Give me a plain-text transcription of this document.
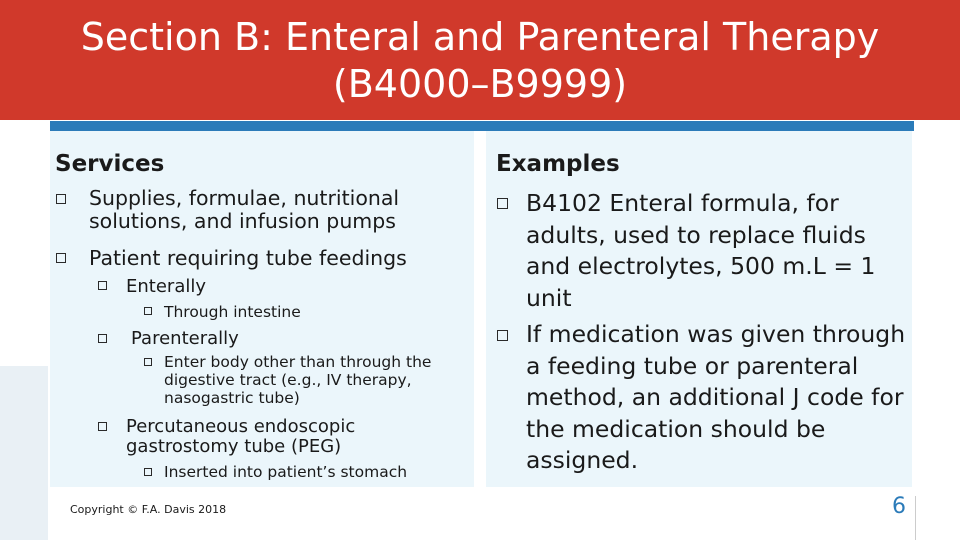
Section B: Enteral and Parenteral Therapy
(B4000–B9999)
Services
Supplies, formulae, nutritional
solutions, and infusion pumps
Patient requiring tube feedings
Enterally
Through intestine
Parenterally
Enter body other than through the
digestive tract (e.g., IV therapy,
nasogastric tube)
Percutaneous endoscopic
gastrostomy tube (PEG)
Inserted into patient’s stomach
Examples
B4102 Enteral formula, for
adults, used to replace fluids
and electrolytes, 500 m.L = 1
unit
If medication was given through
a feeding tube or parenteral
method, an additional J code for
the medication should be
assigned.
Copyright © F.A. Davis 2018	6
